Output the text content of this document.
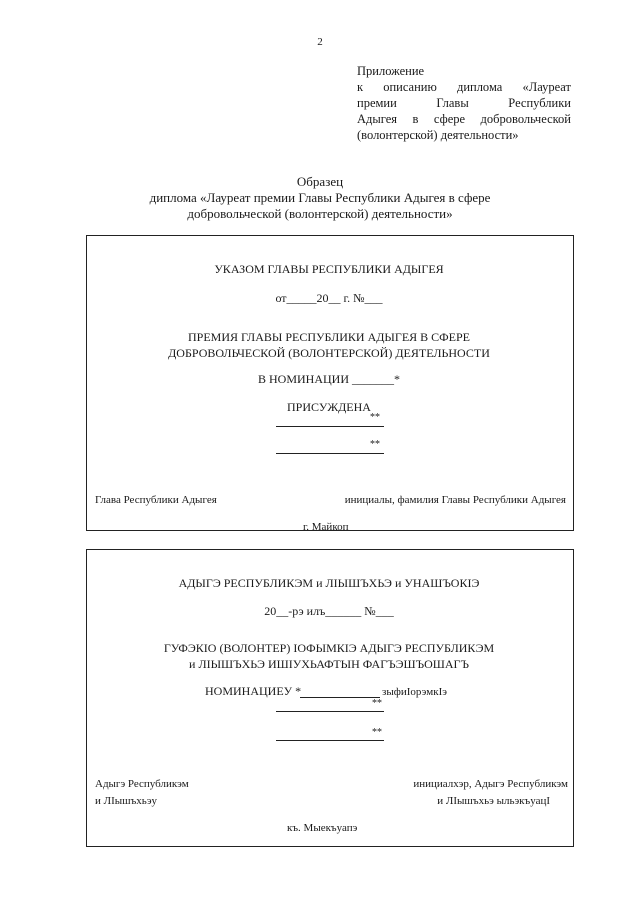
2
Приложение
к описанию диплома «Лауреат
премии Главы Республики
Адыгея в сфере добровольческой
(волонтерской) деятельности»
Образец
диплома «Лауреат премии Главы Республики Адыгея в сфере
добровольческой (волонтерской) деятельности»
УКАЗОМ ГЛАВЫ РЕСПУБЛИКИ АДЫГЕЯ
от_____20__ г. №___
ПРЕМИЯ ГЛАВЫ РЕСПУБЛИКИ АДЫГЕЯ В СФЕРЕ
ДОБРОВОЛЬЧЕСКОЙ (ВОЛОНТЕРСКОЙ) ДЕЯТЕЛЬНОСТИ
В НОМИНАЦИИ _______*
ПРИСУЖДЕНА
**
**
Глава Республики Адыгея	инициалы, фамилия Главы Республики Адыгея
г. Майкоп
АДЫГЭ РЕСПУБЛИКЭМ и ЛІЫШЪХЬЭ и УНАШЪОКІЭ
20__-рэ илъ______ №___
ГУФЭКІО (ВОЛОНТЕР) ІОФЫМКІЭ АДЫГЭ РЕСПУБЛИКЭМ
и ЛІЫШЪХЬЭ ИШІУХЬАФТЫН ФАГЪЭШЪОШАГЪ
НОМИНАЦИЕУ *	зыфиІорэмкІэ
**
**
Адыгэ Республикэм
и ЛІышъхьэу
инициалхэр, Адыгэ Республикэм
и ЛІышъхьэ ыльэкъуацІ
къ. Мыекъуапэ
